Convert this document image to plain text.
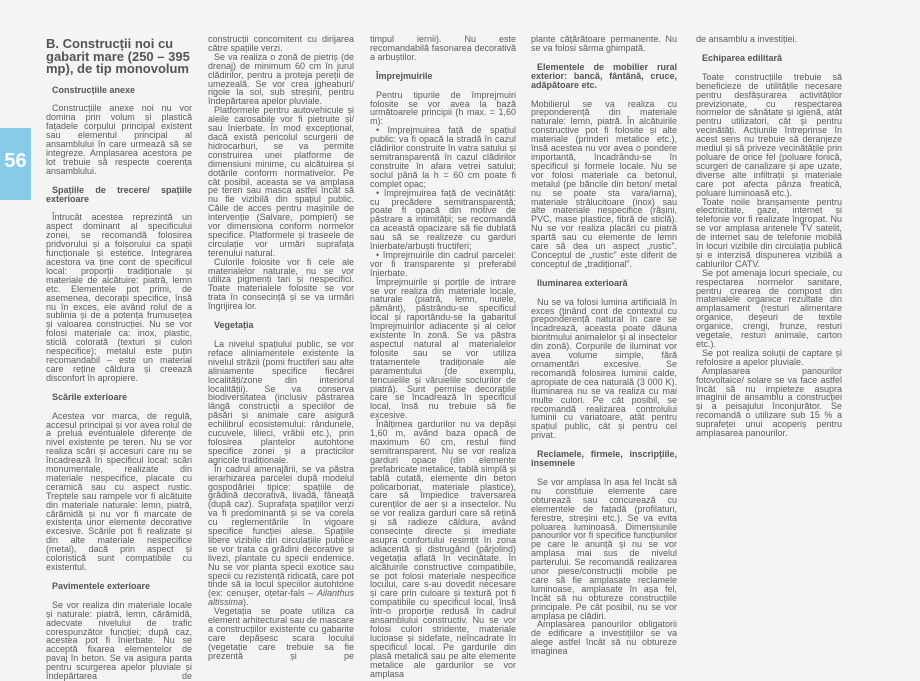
56
B. Construcții noi cu gabarit mare (250 – 395 mp), de tip monovolum
Construcțiile anexe

Construcțiile anexe noi nu vor domina prin volum și plastică fațadele corpului principal existent sau elementul principal al ansamblului în care urmează să se integreze. Amplasarea acestora pe lot trebuie să respecte coerența ansamblului.

Spațiile de trecere/ spațiile exterioare

Întrucât acestea reprezintă un aspect dominant al specificului zonei, se recomandă folosirea pridvorului și a foișorului ca spații funcționale și estetice. Integrarea acestora va ține cont de specificul local: proporții tradiționale și materiale de alcătuire: piatră, lemn etc. Elementele pot primi, de asemenea, decorații specifice, însă nu în exces, ele având rolul de a sublinia și de a potența frumusețea și valoarea construcției. Nu se vor folosi materiale ca: inox, plastic, sticlă colorată (texturi și culori nespecifice); metalul este puțin recomandabil – este un material care reține căldura și creează disconfort în apropiere.

Scările exterioare

Acestea vor marca, de regulă, accesul principal și vor avea rolul de a prelua eventualele diferențe de nivel existente pe teren. Nu se vor realiza scări și accesuri care nu se încadrează în specificul local: scări monumentale, realizate din materiale nespecifice, placate cu ceramică sau cu aspect rustic. Treptele sau rampele vor fi alcătuite din materiale naturale: lemn, piatră, cărămidă și nu vor fi marcate de existența unor elemente decorative excesive. Scările pot fi realizate și din alte materiale nespecifice (metal), dacă prin aspect și coloristică sunt compatibile cu existentul.

Pavimentele exterioare

Se vor realiza din materiale locale și naturale: piatră, lemn, cărămidă, adecvate nivelului de trafic corespunzător funcției; după caz, acestea pot fi înierbate. Nu se acceptă fixarea elementelor de pavaj în beton. Se va asigura panta pentru scurgerea apelor pluviale și îndepărtarea de

construcții concomitent cu dirijarea către spațiile verzi.

Se va realiza o zonă de pietriș (de drenaj) de minimum 60 cm în jurul clădirilor, pentru a proteja pereții de umezeală. Se vor crea jgheaburi/ rigole la sol, sub streșini, pentru îndepărtarea apelor pluviale.

Platformele pentru autovehicule și aleile carosabile vor fi pietruite și/ sau înierbate. În mod excepțional, dacă există pericolul scurgerii de hidrocarburi, se va permite construirea unei platforme de dimensiuni minime, cu alcătuirea și dotările conform normativelor. Pe cât posibil, aceasta se va amplasa pe teren sau masca astfel încât să nu fie vizibilă din spațiul public. Căile de acces pentru mașinile de intervenție (Salvare, pompieri) se vor dimensiona conform normelor specifice. Platformele și traseele de circulație vor urmări suprafața terenului natural.

Culorile folosite vor fi cele ale materialelor naturale, nu se vor utiliza pigmenți tari și nespecifici. Toate materialele folosite se vor trata în consecință și se va urmări îngrijirea lor.

Vegetația

La nivelul spațiului public, se vor reface aliniamentele existente la nivelul străzii (pomi fructiferi sau alte aliniamente specifice fiecărei localități/zone din interiorul localității). Se va conserva biodiversitatea (inclusiv păstrarea lângă construcții a speciilor de păsări și animale care asigură echilibrul ecosistemului: rândunele, cucuvele, lilieci, vrăbii etc.), prin folosirea plantelor autohtone specifice zonei și a practicilor agricole tradiționale.

În cadrul amenajării, se va păstra ierarhizarea parcelei după modelul gospodăriei tipice: spațiile de grădină decorativă, livadă, fâneață (după caz). Suprafața spațiilor verzi va fi predominantă și se va corela cu reglementările în vigoare specifice funcției alese. Spațiile libere vizibile din circulațiile publice se vor trata ca grădini decorative și livezi, plantate cu specii endemice. Nu se vor planta specii exotice sau specii cu rezistență ridicată, care pot tinde să ia locul speciilor autohtone (ex: cenușer, oțetar-fals – Ailanthus altissima).

Vegetația se poate utiliza ca element arhitectural sau de mascare a construcțiilor existente cu gabarite care depășesc scara locului (vegetație care trebuie sa fie prezentă și pe

timpul iernii). Nu este recomandabilă fasonarea decorativă a arbuștilor.

Împrejmuirile

Pentru tipurile de împrejmuiri folosite se vor avea la bază următoarele principii (h max. = 1,60 m):

• împrejmuirea față de spațiul public: va fi opacă la stradă în cazul clădirilor construite în vatra satului și semitransparentă în cazul clădirilor construite în afara vetrei satului; soclul până la h = 60 cm poate fi complet opac;

• împrejmuirea față de vecinătăți: cu precădere semitransparentă; poate fi opacă din motive de păstrare a intimității; se recomandă ca această opacizare să fie dublată sau să se realizeze cu garduri înierbate/arbuști fructiferi;

• împrejmuirile din cadrul parcelei: vor fi transparente și preferabil înierbate.

Împrejmuirile și porțile de intrare se vor realiza din materiale locale, naturale (piatră, lemn, nuiele, pământ), păstrându-se specificul local și raportându-se la gabaritul împrejmuirilor adiacente și al celor existente în zonă. Se va păstra aspectul natural al materialelor folosite sau se vor utiliza tratamentele tradiționale ale paramentului (de exemplu, tencuielile și văruielile soclurilor de piatră). Sunt permise decorațiile care se încadrează în specificul local, însă nu trebuie să fie excesive.

Înălțimea gardurilor nu va depăși 1,60 m, având baza opacă de maximum 60 cm, restul fiind semitransparent. Nu se vor realiza garduri opace (din elemente prefabricate metalice, tablă simplă și tablă cutată, elemente din beton policarbonat, materiale plastice), care să împiedice traversarea curenților de aer și a insectelor. Nu se vor realiza garduri care să rețină și să radieze căldura, având consecințe directe și imediate asupra confortului resimțit în zona adiacentă și distrugând (pârjolind) vegetația aflată în vecinătate. În alcătuirile constructive compatibile, se pot folosi materiale nespecifice locului, care s-au dovedit necesare și care prin culoare și textură pot fi compatibile cu specificul local, însă într-o proporție redusă în cadrul ansamblului constructiv. Nu se vor folosi culori stridente, materiale lucioase și sidefate, neîncadrate în specificul local. Pe gardurile din plasă metalică sau pe alte elemente metalice ale gardurilor se vor amplasa

plante cățărătoare permanente. Nu se va folosi sârma ghimpată.

Elementele de mobilier rural exterior: bancă, fântână, cruce, adăpătoare etc.

Mobilierul se va realiza cu preponderență din materiale naturale: lemn, piatră. În alcătuirile constructive pot fi folosite și alte materiale (prinderi metalice etc.), însă acestea nu vor avea o pondere importantă, încadrându-se în specificul și formele locale. Nu se vor folosi materiale ca betonul, metalul (pe băncile din beton/ metal nu se poate sta vara/iarna), materiale strălucitoare (inox) sau alte materiale nespecifice (rășini, PVC, mase plastice, fibră de sticlă). Nu se vor realiza placări cu piatră spartă sau cu elemente de lemn care să dea un aspect „rustic”. Conceptul de „rustic” este diferit de conceptul de „tradițional”.

Iluminarea exterioară

Nu se va folosi lumina artificială în exces (ținând cont de contextul cu preponderență natural în care se încadrează, aceasta poate dăuna bioritmului animalelor și al insectelor din zonă). Corpurile de iluminat vor avea volume simple, fără ornamentări excesive. Se recomandă folosirea luminii calde, apropiate de cea naturală (3 000 K). Iluminarea nu se va realiza cu mai multe culori. Pe cât posibil, se recomandă realizarea controlului luminii cu variatoare, atât pentru spațiul public, cât și pentru cel privat.

Reclamele, firmele, inscripțiile, însemnele

Se vor amplasa în așa fel încât să nu constituie elemente care obturează sau concurează cu elementele de fațadă (profilaturi, ferestre, streșini etc.). Se va evita poluarea luminoasă. Dimensiunile panourilor vor fi specifice funcțiunilor pe care le anunță și nu se vor amplasa mai sus de nivelul parterului. Se recomandă realizarea unor piese/construcții mobile pe care să fie amplasate reclamele luminoase, amplasate în așa fel, încât să nu obtureze construcțiile principale. Pe cât posibil, nu se vor amplasa pe clădiri.

Amplasarea panourilor obligatorii de edificare a investițiilor se va alege astfel încât să nu obtureze imaginea

de ansamblu a investiției.

Echiparea edilitară

Toate construcțiile trebuie să beneficieze de utilitățile necesare pentru desfășurarea activităților previzionate, cu respectarea normelor de sănătate și igienă, atât pentru utilizatori, cât și pentru vecinătăți. Acțiunile întreprinse în acest sens nu trebuie să deranjeze mediul și să priveze vecinătățile prin poluare de orice fel (poluare fonică, scurgeri de canalizare și ape uzate, diverse alte infiltrații și materiale care pot afecta pânza freatică, poluare luminoasă etc.).

Toate noile branșamente pentru electricitate, gaze, internet și telefonie vor fi realizate îngropat. Nu se vor amplasa antenele TV satelit, de internet sau de telefonie mobilă în locuri vizibile din circulația publică și e interzisă dispunerea vizibilă a cablurilor CATV.

Se pot amenaja locuri speciale, cu respectarea normelor sanitare, pentru crearea de compost din materialele organice rezultate din amplasament (resturi alimentare organice, deșeuri de textile organice, crengi, frunze, resturi vegetale, resturi animale, carton etc.).

Se pot realiza soluții de captare și refolosire a apelor pluviale.

Amplasarea panourilor fotovoltaice/ solare se va face astfel încât să nu impieteze asupra imaginii de ansamblu a construcției și a peisajului înconjurător. Se recomandă o utilizare sub 15 % a suprafeței unui acoperiș pentru amplasarea panourilor.
